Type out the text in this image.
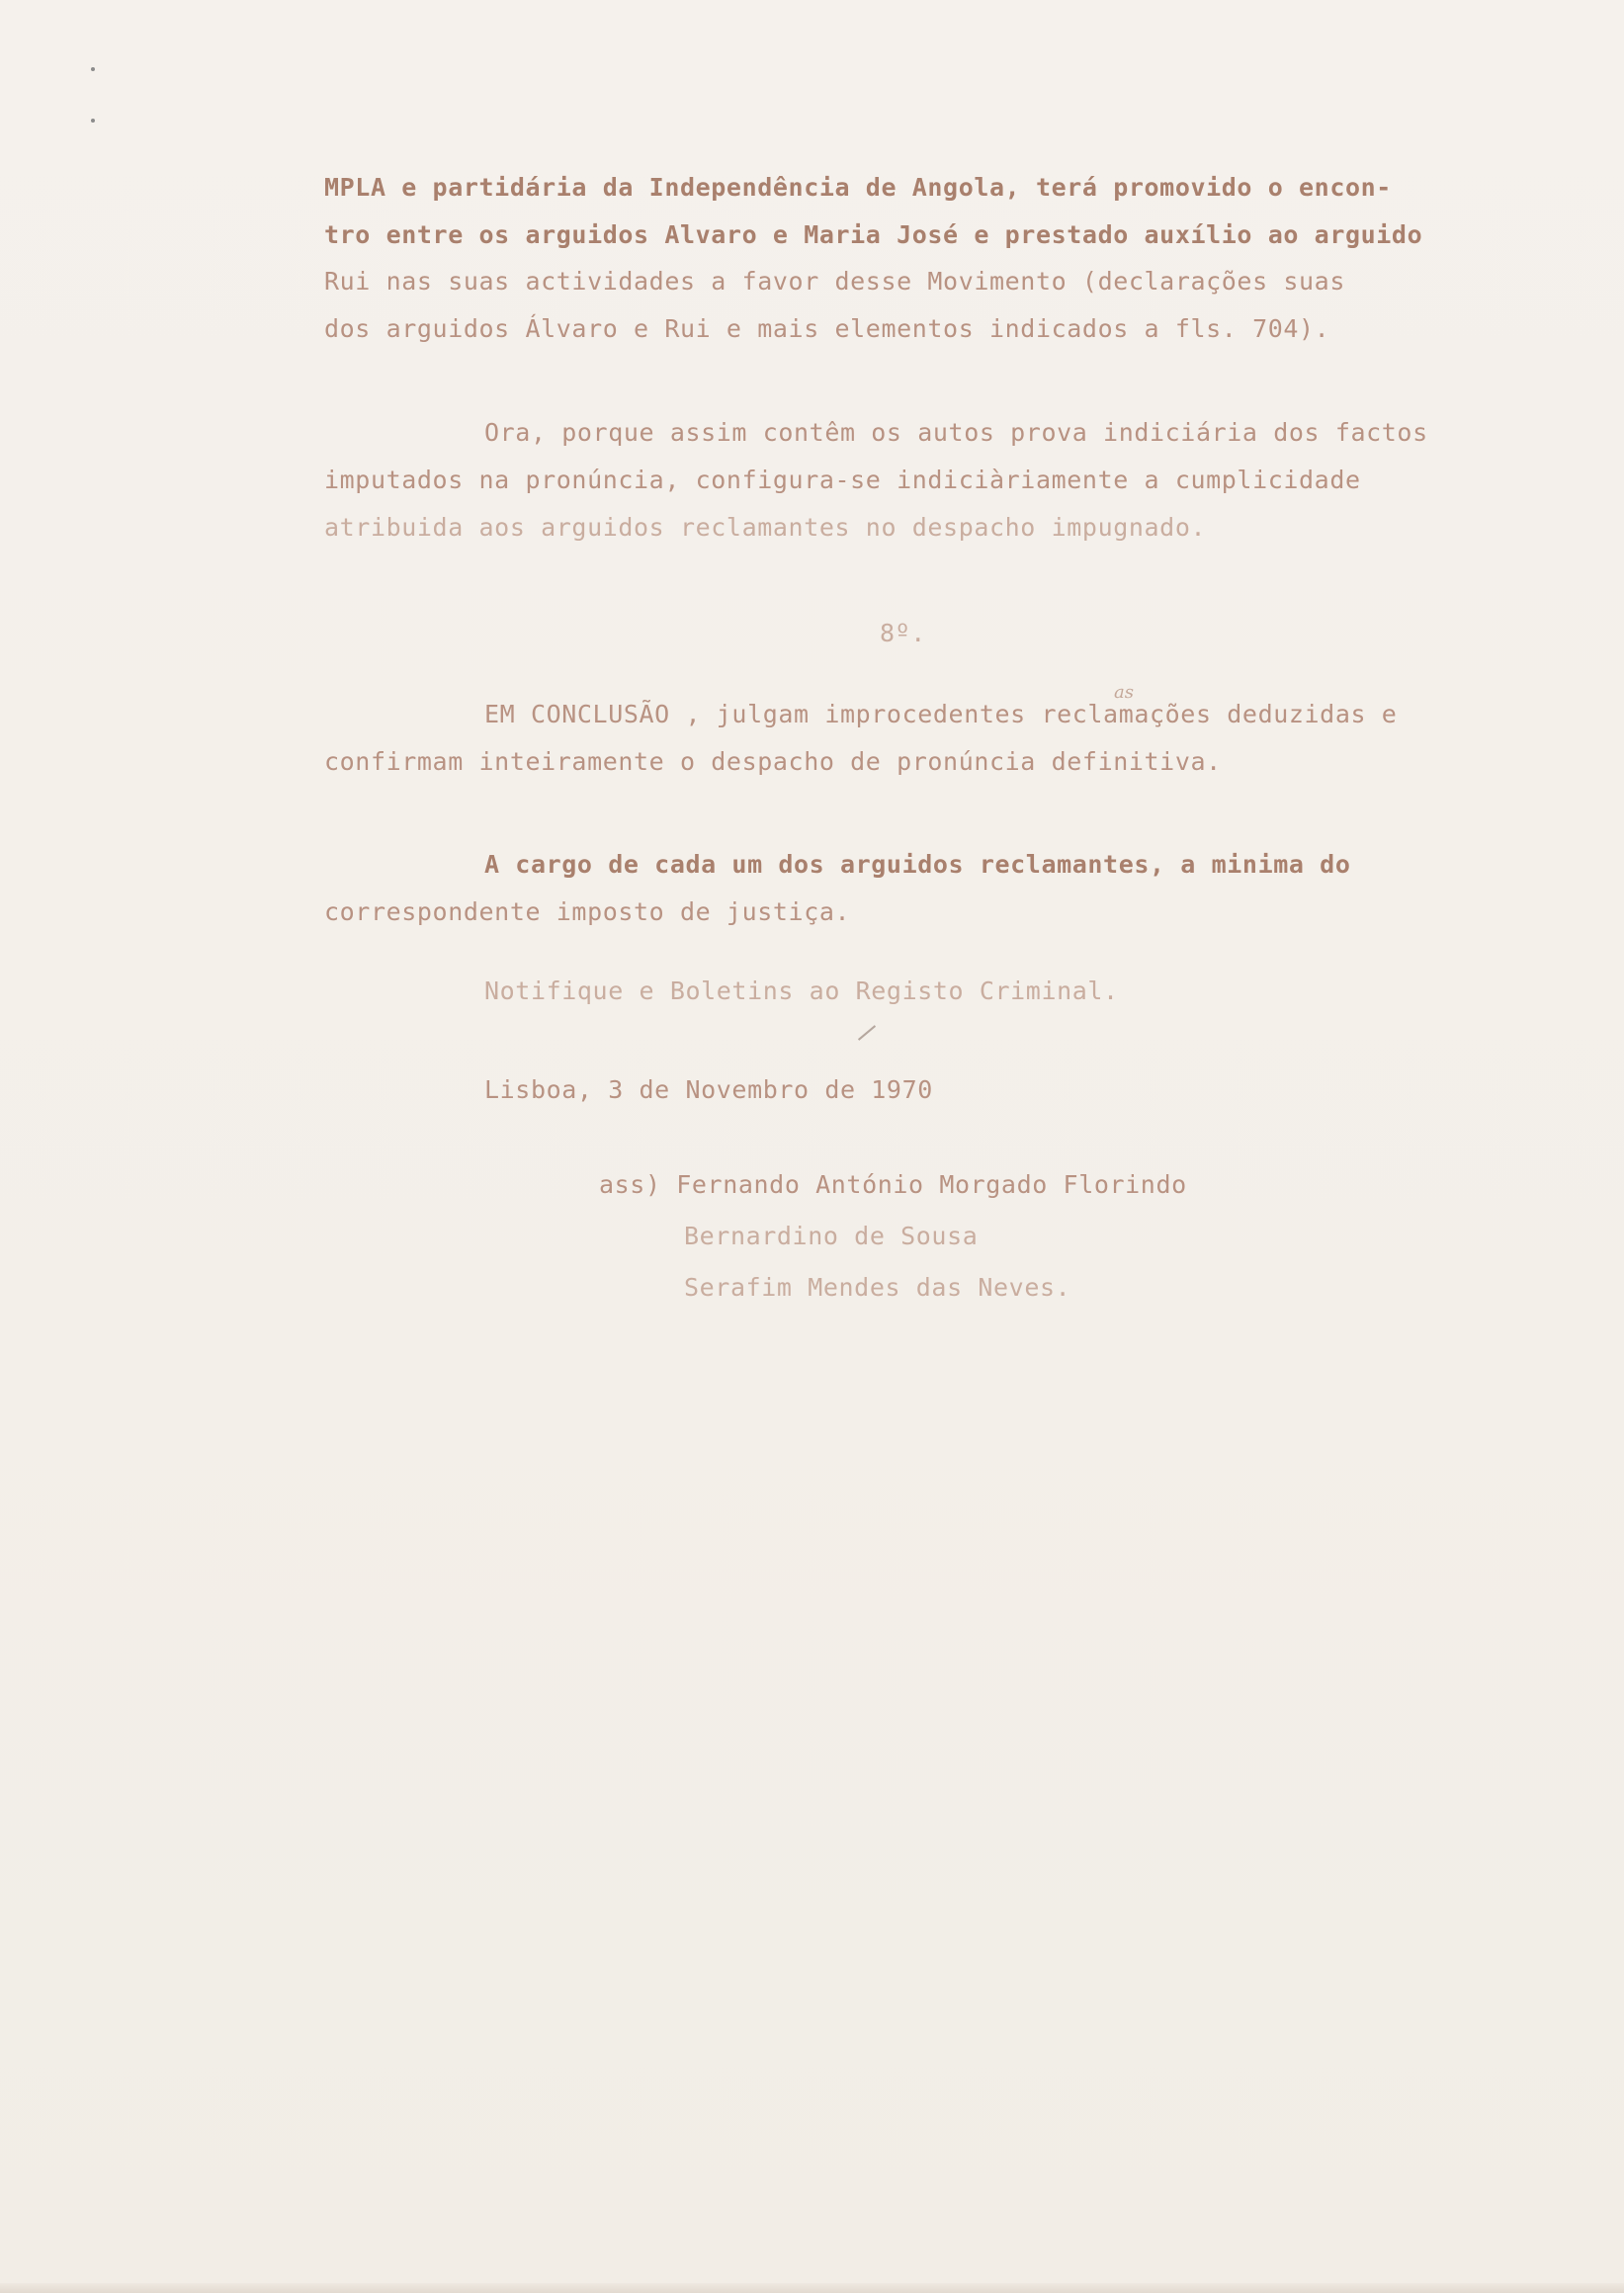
MPLA e partidária da Independência de Angola, terá promovido o encon-
tro entre os arguidos Alvaro e Maria José e prestado auxílio ao arguido
Rui nas suas actividades a favor desse Movimento (declarações suas
dos arguidos Álvaro e Rui e mais elementos indicados a fls. 704).
Ora, porque assim contêm os autos prova indiciária dos factos
imputados na pronúncia, configura-se indiciàriamente a cumplicidade
atribuida aos arguidos reclamantes no despacho impugnado.
8º.
as
EM CONCLUSÃO , julgam improcedentes reclamações deduzidas e
confirmam inteiramente o despacho de pronúncia definitiva.
A cargo de cada um dos arguidos reclamantes, a minima do
correspondente imposto de justiça.
Notifique e Boletins ao Registo Criminal.
Lisboa, 3 de Novembro de 1970
ass) Fernando António Morgado Florindo
Bernardino de Sousa
Serafim Mendes das Neves.
